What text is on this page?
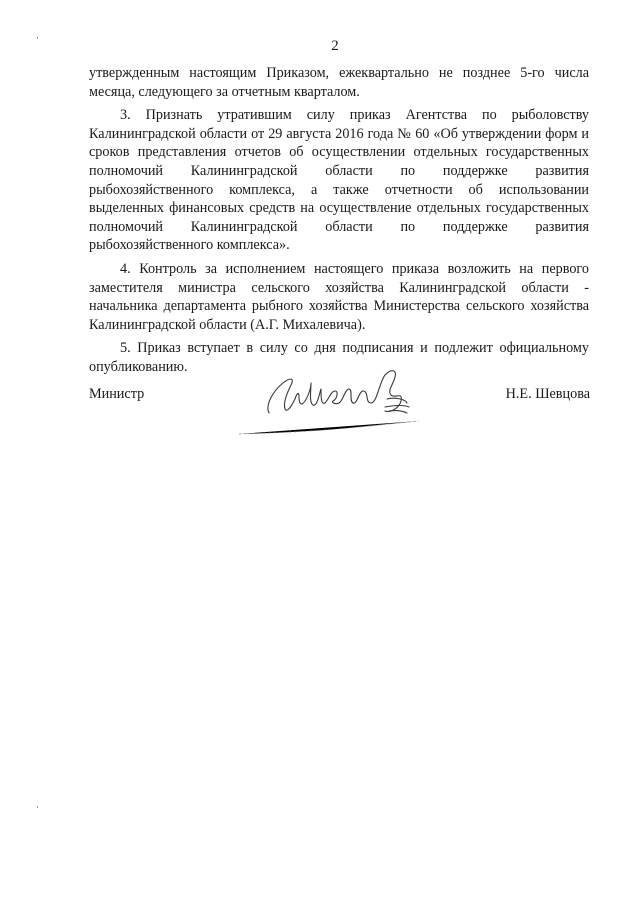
2

утвержденным настоящим Приказом, ежеквартально не позднее 5-го числа месяца, следующего за отчетным кварталом.

3. Признать утратившим силу приказ Агентства по рыболовству Калининградской области от 29 августа 2016 года № 60 «Об утверждении форм и сроков представления отчетов об осуществлении отдельных государственных полномочий Калининградской области по поддержке развития рыбохозяйственного комплекса, а также отчетности об использовании выделенных финансовых средств на осуществление отдельных государственных полномочий Калининградской области по поддержке развития рыбохозяйственного комплекса».

4. Контроль за исполнением настоящего приказа возложить на первого заместителя министра сельского хозяйства Калининградской области - начальника департамента рыбного хозяйства Министерства сельского хозяйства Калининградской области (А.Г. Михалевича).

5. Приказ вступает в силу со дня подписания и подлежит официальному опубликованию.

Министр	Н.Е. Шевцова
